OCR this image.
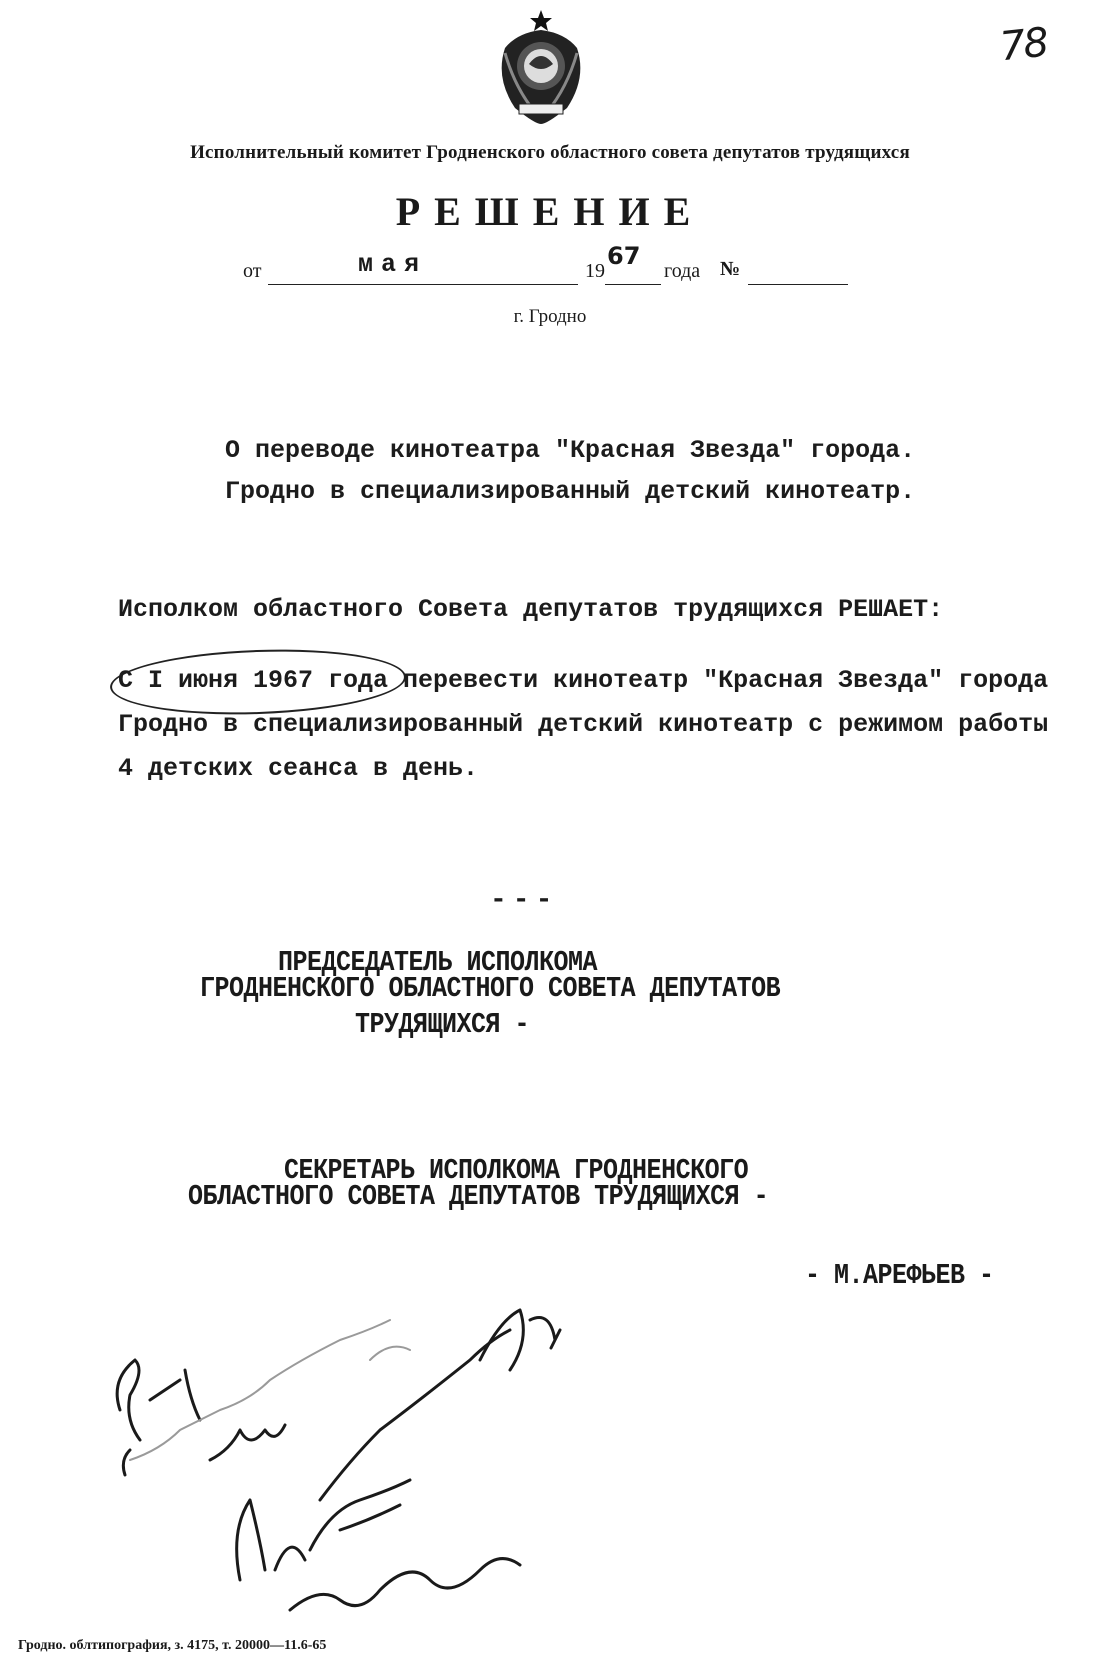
78
Исполнительный комитет Гродненского областного совета депутатов трудящихся
РЕШЕНИЕ
от	мая	19
67
года №
г. Гродно
О переводе кинотеатра "Красная Звезда" города.
Гродно в специализированный детский кинотеатр.
Исполком областного Совета депутатов трудящихся РЕШАЕТ:
С I июня 1967 года перевести кинотеатр "Красная Звезда" города
Гродно в специализированный детский кинотеатр с режимом работы
4 детских сеанса в день.
---
ПРЕДСЕДАТЕЛЬ ИСПОЛКОМА
ГРОДНЕНСКОГО ОБЛАСТНОГО СОВЕТА ДЕПУТАТОВ
ТРУДЯЩИХСЯ -
СЕКРЕТАРЬ ИСПОЛКОМА ГРОДНЕНСКОГО
ОБЛАСТНОГО СОВЕТА ДЕПУТАТОВ ТРУДЯЩИХСЯ -
- М.АРЕФЬЕВ -
Гродно. облтипография, з. 4175, т. 20000—11.6-65
